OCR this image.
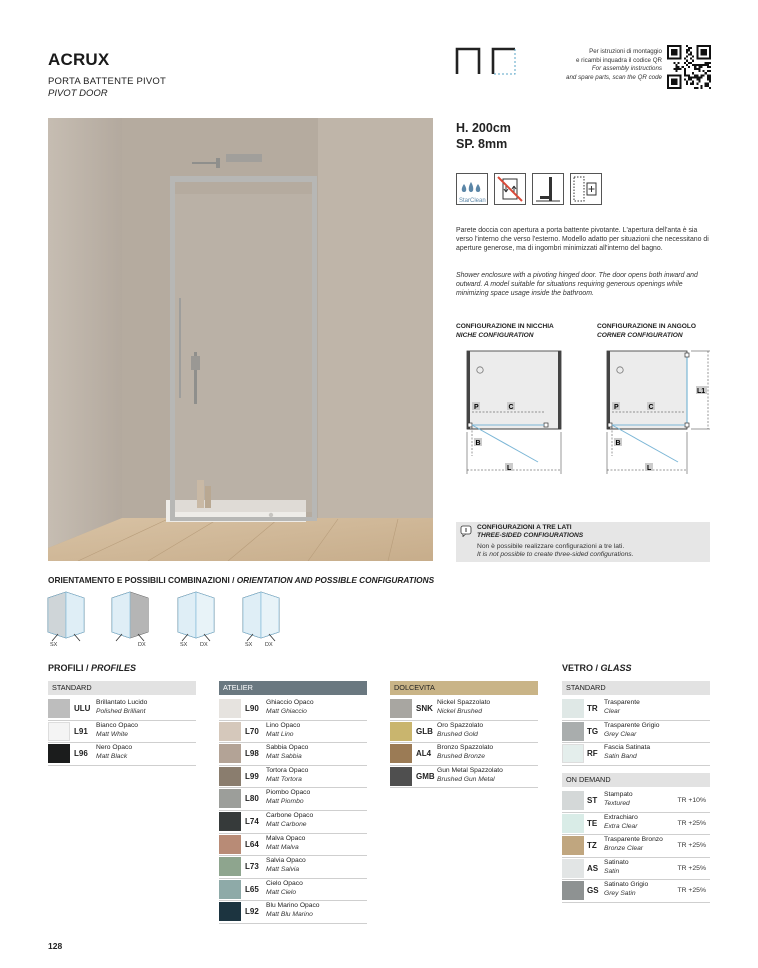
ACRUX
PORTA BATTENTE PIVOT
PIVOT DOOR
Per istruzioni di montaggio
e ricambi inquadra il codice QR
For assembly instructions
and spare parts, scan the QR code
H. 200cm
SP. 8mm
StarClean
Parete doccia con apertura a porta battente pivotante. L'apertura dell'anta è sia verso l'interno che verso l'esterno. Modello adatto per situazioni che necessitano di aperture generose, ma di ingombri minimizzati all'interno del bagno.
Shower enclosure with a pivoting hinged door. The door opens both inward and outward. A model suitable for situations requiring generous openings while minimizing space usage inside the bathroom.
CONFIGURAZIONE IN NICCHIA
NICHE CONFIGURATION
CONFIGURAZIONE IN ANGOLO
CORNER CONFIGURATION
P	C
B
L
P	C
B
L
L1
CONFIGURAZIONI A TRE LATI
THREE-SIDED CONFIGURATIONS
Non è possibile realizzare configurazioni a tre lati.
It is not possible to create three-sided configurations.
ORIENTAMENTO E POSSIBILI COMBINAZIONI / ORIENTATION AND POSSIBLE CONFIGURATIONS
SX	DX	SX DX	SX DX
PROFILI / PROFILES	VETRO / GLASS
STANDARD
ULU
Brillantato Lucido
Polished Brilliant
L91
Bianco Opaco
Matt White
L96
Nero Opaco
Matt Black
ATELIER
L90
Ghiaccio Opaco
Matt Ghiaccio
L70
Lino Opaco
Matt Lino
L98
Sabbia Opaco
Matt Sabbia
L99
Tortora Opaco
Matt Tortora
L80
Piombo Opaco
Matt Piombo
L74
Carbone Opaco
Matt Carbone
L64
Malva Opaco
Matt Malva
L73
Salvia Opaco
Matt Salvia
L65
Cielo Opaco
Matt Cielo
L92
Blu Marino Opaco
Matt Blu Marino
DOLCEVITA
SNK
Nickel Spazzolato
Nickel Brushed
GLB
Oro Spazzolato
Brushed Gold
AL4
Bronzo Spazzolato
Brushed Bronze
GMB
Gun Metal Spazzolato
Brushed Gun Metal
STANDARD
TR
Trasparente
Clear
TG
Trasparente Grigio
Grey Clear
RF
Fascia Satinata
Satin Band
ON DEMAND
ST
Stampato
Textured	TR +10%
TE
Extrachiaro
Extra Clear	TR +25%
TZ
Trasparente Bronzo
Bronze Clear	TR +25%
AS
Satinato
Satin	TR +25%
GS
Satinato Grigio
Grey Satin	TR +25%
128
